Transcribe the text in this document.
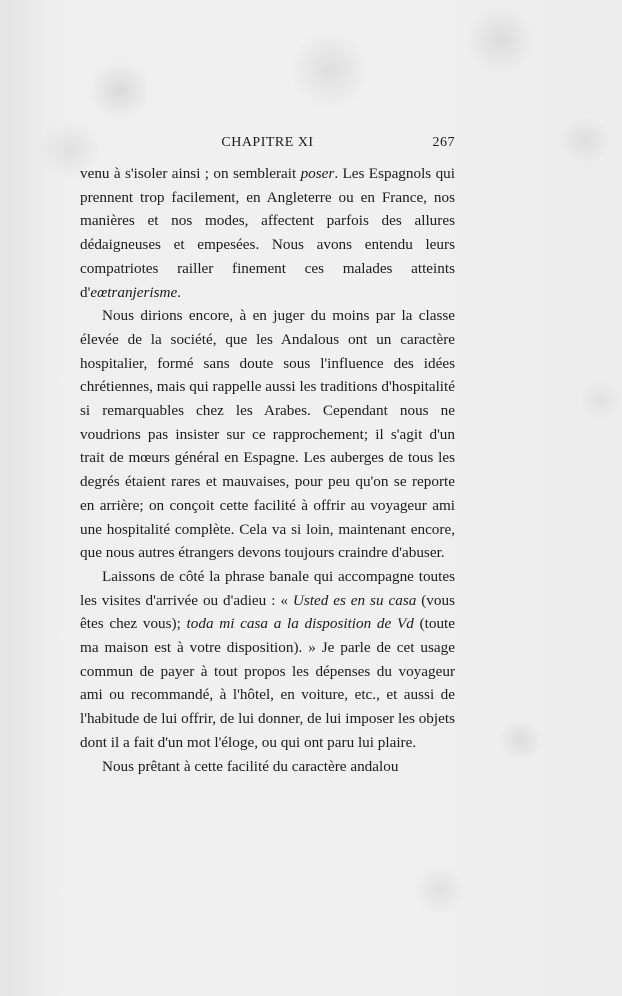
CHAPITRE XI	267

venu à s'isoler ainsi ; on semblerait poser. Les Espagnols qui prennent trop facilement, en Angleterre ou en France, nos manières et nos modes, affectent parfois des allures dédaigneuses et empesées. Nous avons entendu leurs compatriotes railler finement ces malades atteints d'eœtranjerisme.

Nous dirions encore, à en juger du moins par la classe élevée de la société, que les Andalous ont un caractère hospitalier, formé sans doute sous l'influence des idées chrétiennes, mais qui rappelle aussi les traditions d'hospitalité si remarquables chez les Arabes. Cependant nous ne voudrions pas insister sur ce rapprochement; il s'agit d'un trait de mœurs général en Espagne. Les auberges de tous les degrés étaient rares et mauvaises, pour peu qu'on se reporte en arrière; on conçoit cette facilité à offrir au voyageur ami une hospitalité complète. Cela va si loin, maintenant encore, que nous autres étrangers devons toujours craindre d'abuser.

Laissons de côté la phrase banale qui accompagne toutes les visites d'arrivée ou d'adieu : « Usted es en su casa (vous êtes chez vous); toda mi casa a la disposition de Vd (toute ma maison est à votre disposition). » Je parle de cet usage commun de payer à tout propos les dépenses du voyageur ami ou recommandé, à l'hôtel, en voiture, etc., et aussi de l'habitude de lui offrir, de lui donner, de lui imposer les objets dont il a fait d'un mot l'éloge, ou qui ont paru lui plaire.

Nous prêtant à cette facilité du caractère andalou
